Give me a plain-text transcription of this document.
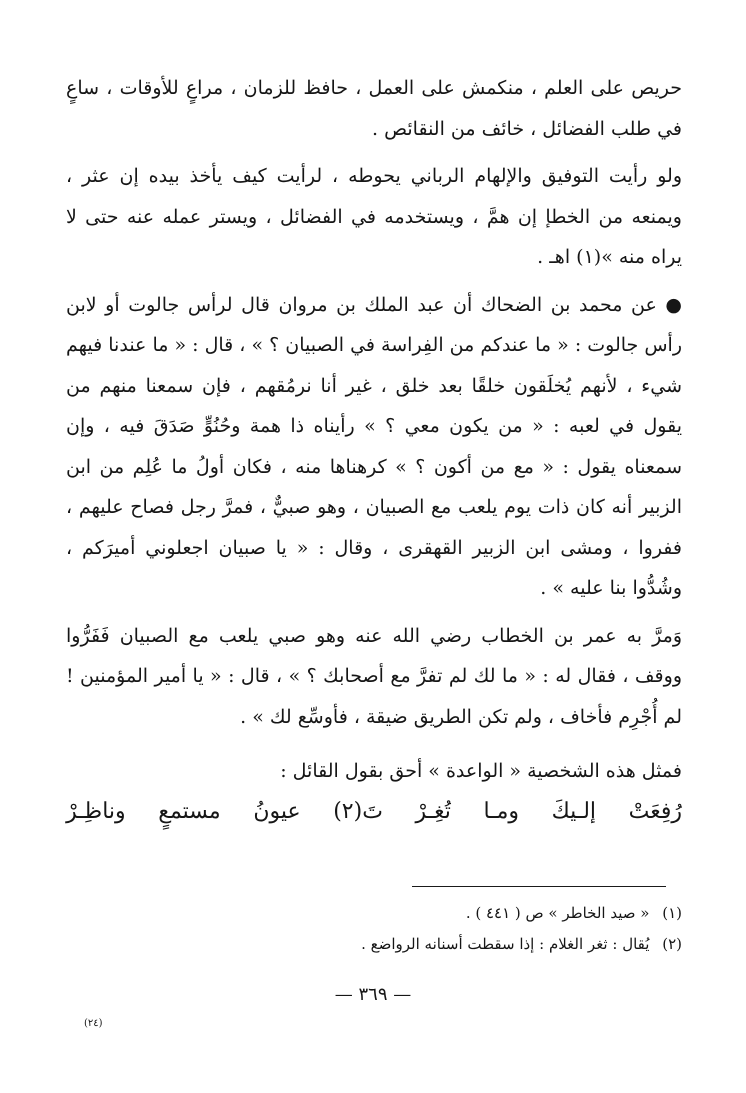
حريص على العلم ، منكمش على العمل ، حافظ للزمان ، مراعٍ للأوقات ، ساعٍ في طلب الفضائل ، خائف من النقائص .

ولو رأيت التوفيق والإلهام الرباني يحوطه ، لرأيت كيف يأخذ بيده إن عثر ، ويمنعه من الخطإ إن همَّ ، ويستخدمه في الفضائل ، ويستر عمله عنه حتى لا يراه منه »(١) اهـ .

● عن محمد بن الضحاك أن عبد الملك بن مروان قال لرأس جالوت أو لابن رأس جالوت : « ما عندكم من الفِراسة في الصبيان ؟ » ، قال : « ما عندنا فيهم شيء ، لأنهم يُخلَقون خلقًا بعد خلق ، غير أنا نرمُقهم ، فإن سمعنا منهم من يقول في لعبه : « من يكون معي ؟ » رأيناه ذا همة وحُنُوٍّ صَدَقَ فيه ، وإن سمعناه يقول : « مع من أكون ؟ » كرهناها منه ، فكان أولُ ما عُلِم من ابن الزبير أنه كان ذات يوم يلعب مع الصبيان ، وهو صبيٌّ ، فمرَّ رجل فصاح عليهم ، ففروا ، ومشى ابن الزبير القهقرى ، وقال : « يا صبيان اجعلوني أميرَكم ، وشُدُّوا بنا عليه » .

وَمرَّ به عمر بن الخطاب رضي الله عنه وهو صبي يلعب مع الصبيان فَفَرُّوا ووقف ، فقال له : « ما لك لم تفرَّ مع أصحابك ؟ » ، قال : « يا أمير المؤمنين ! لم أُجْرِم فأخاف ، ولم تكن الطريق ضيقة ، فأوسِّع لك » .

فمثل هذه الشخصية « الواعدة » أحق بقول القائل :

رُفِعَتْ
إلـيكَ
ومـا
تُغِـرْ
تَ(٢)
عيونُ
مستمعٍ
وناظِـرْ

(١) « صيد الخاطر » ص ( ٤٤١ ) .

(٢) يُقال : ثغر الغلام : إذا سقطت أسنانه الرواضع .

— ٣٦٩ —
(٢٤)
